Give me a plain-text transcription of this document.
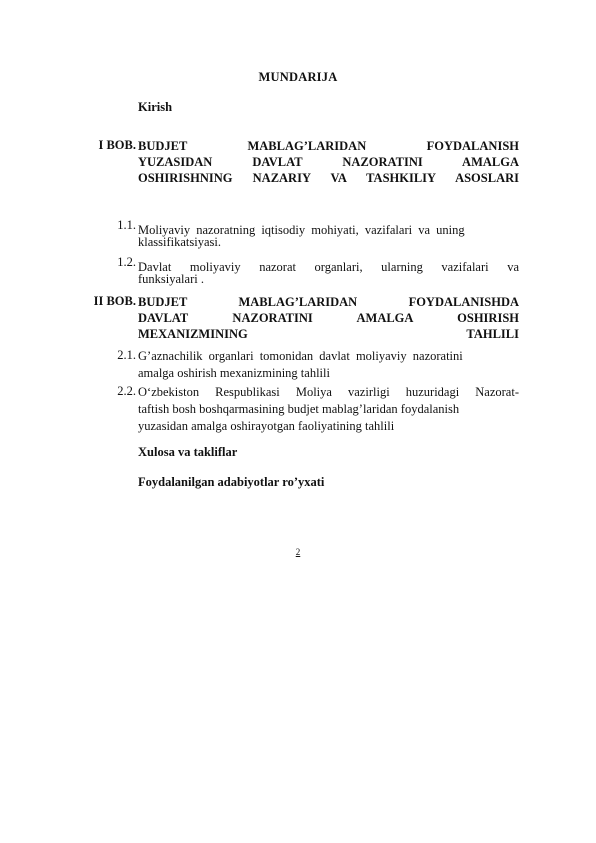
MUNDARIJA
Kirish
I BOB. BUDJET MABLAG’LARIDAN FOYDALANISH
YUZASIDAN DAVLAT NAZORATINI AMALGA
OSHIRISHNING NAZARIY VA TASHKILIY ASOSLARI
1.1. Moliyaviy nazoratning iqtisodiy mohiyati, vazifalari va uning
klassifikatsiyasi.
1.2. Davlat moliyaviy nazorat organlari, ularning vazifalari va
funksiyalari .
II BOB. BUDJET MABLAG’LARIDAN FOYDALANISHDA
DAVLAT NAZORATINI AMALGA OSHIRISH
MEXANIZMINING TAHLILI
2.1. G’aznachilik organlari tomonidan davlat moliyaviy nazoratini
amalga oshirish mexanizmining tahlili
2.2. O‘zbekiston Respublikasi Moliya vazirligi huzuridagi Nazorat-
taftish bosh boshqarmasining budjet mablag’laridan foydalanish
yuzasidan amalga oshirayotgan faoliyatining tahlili
Xulosa va takliflar
Foydalanilgan adabiyotlar ro’yxati
2
